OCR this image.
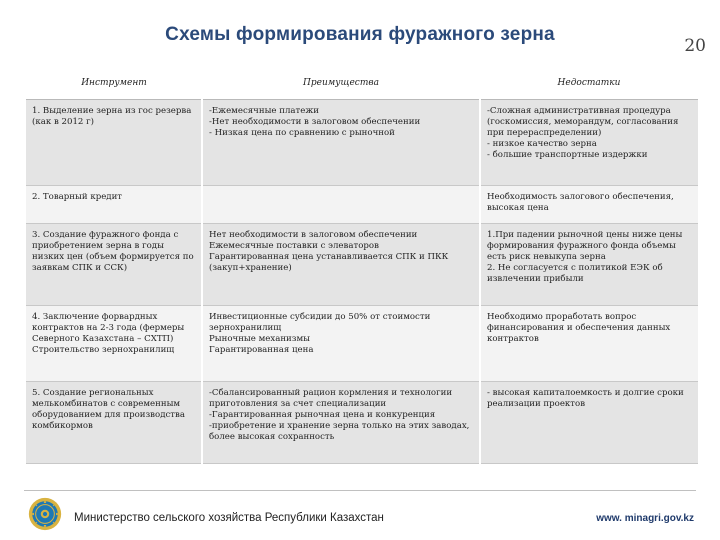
Схемы формирования фуражного зерна
20
Инструмент	Преимущества	Недостатки
1. Выделение зерна из гос резерва (как в 2012 г)	-Ежемесячные платежи
-Нет необходимости в залоговом обеспечении
- Низкая цена по сравнению с рыночной	-Сложная административная процедура (госкомиссия, меморандум, согласования при перераспределении)
- низкое качество зерна
- большие транспортные издержки
2. Товарный кредит		Необходимость залогового обеспечения, высокая цена
3. Создание фуражного фонда с приобретением зерна в годы низких цен (объем формируется по заявкам СПК и ССК)	Нет необходимости в залоговом обеспечении
Ежемесячные поставки с элеваторов
Гарантированная цена устанавливается СПК и ПКК (закуп+хранение)	1.При падении рыночной цены ниже цены формирования фуражного фонда объемы есть риск невыкупа зерна
2. Не согласуется с политикой ЕЭК об извлечении прибыли
4. Заключение форвардных контрактов на 2-3 года (фермеры Северного Казахстана – СХТП)
Строительство зернохранилищ	Инвестиционные субсидии до 50% от стоимости зернохранилищ
Рыночные механизмы
Гарантированная цена	Необходимо проработать вопрос финансирования и обеспечения данных контрактов
5. Создание региональных мелькомбинатов с современным оборудованием для производства комбикормов	-Сбалансированный рацион кормления и технологии приготовления за счет специализации
-Гарантированная рыночная цена и конкуренция
-приобретение и хранение зерна только на этих заводах, более высокая сохранность	- высокая капиталоемкость и долгие сроки реализации проектов
Министерство сельского хозяйства Республики Казахстан	www. minagri.gov.kz
